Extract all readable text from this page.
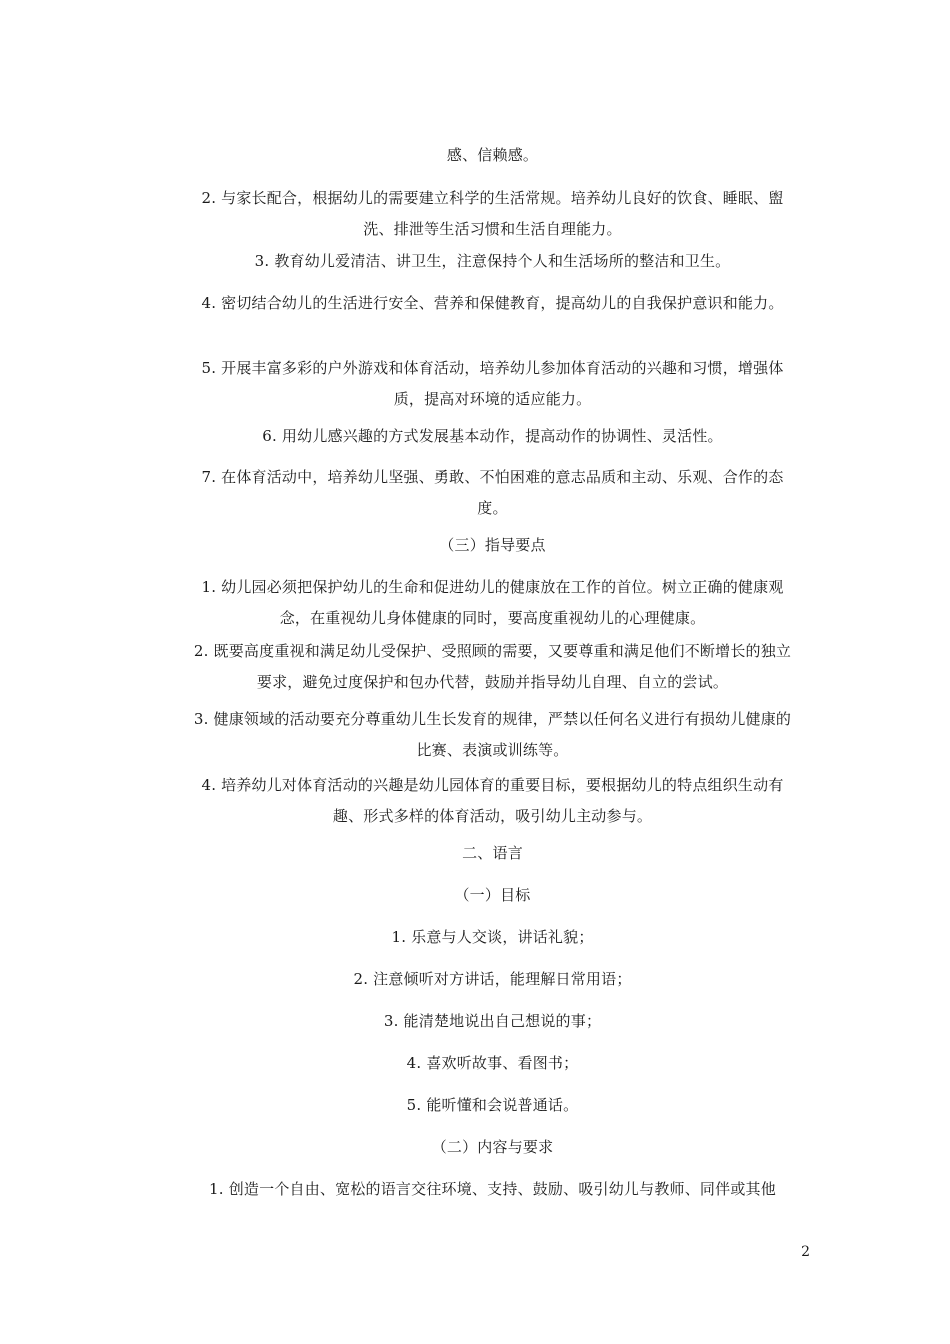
感、信赖感。

2. 与家长配合，根据幼儿的需要建立科学的生活常规。培养幼儿良好的饮食、睡眠、盥洗、排泄等生活习惯和生活自理能力。

3. 教育幼儿爱清洁、讲卫生，注意保持个人和生活场所的整洁和卫生。

4. 密切结合幼儿的生活进行安全、营养和保健教育，提高幼儿的自我保护意识和能力。

5. 开展丰富多彩的户外游戏和体育活动，培养幼儿参加体育活动的兴趣和习惯，增强体质，提高对环境的适应能力。

6. 用幼儿感兴趣的方式发展基本动作，提高动作的协调性、灵活性。

7. 在体育活动中，培养幼儿坚强、勇敢、不怕困难的意志品质和主动、乐观、合作的态度。

（三）指导要点

1. 幼儿园必须把保护幼儿的生命和促进幼儿的健康放在工作的首位。树立正确的健康观念，在重视幼儿身体健康的同时，要高度重视幼儿的心理健康。

2. 既要高度重视和满足幼儿受保护、受照顾的需要，又要尊重和满足他们不断增长的独立要求，避免过度保护和包办代替，鼓励并指导幼儿自理、自立的尝试。

3. 健康领域的活动要充分尊重幼儿生长发育的规律，严禁以任何名义进行有损幼儿健康的比赛、表演或训练等。

4. 培养幼儿对体育活动的兴趣是幼儿园体育的重要目标，要根据幼儿的特点组织生动有趣、形式多样的体育活动，吸引幼儿主动参与。

二、语言

（一）目标

1. 乐意与人交谈，讲话礼貌；

2. 注意倾听对方讲话，能理解日常用语；

3. 能清楚地说出自己想说的事；

4. 喜欢听故事、看图书；

5. 能听懂和会说普通话。

（二）内容与要求

1. 创造一个自由、宽松的语言交往环境、支持、鼓励、吸引幼儿与教师、同伴或其他

2
